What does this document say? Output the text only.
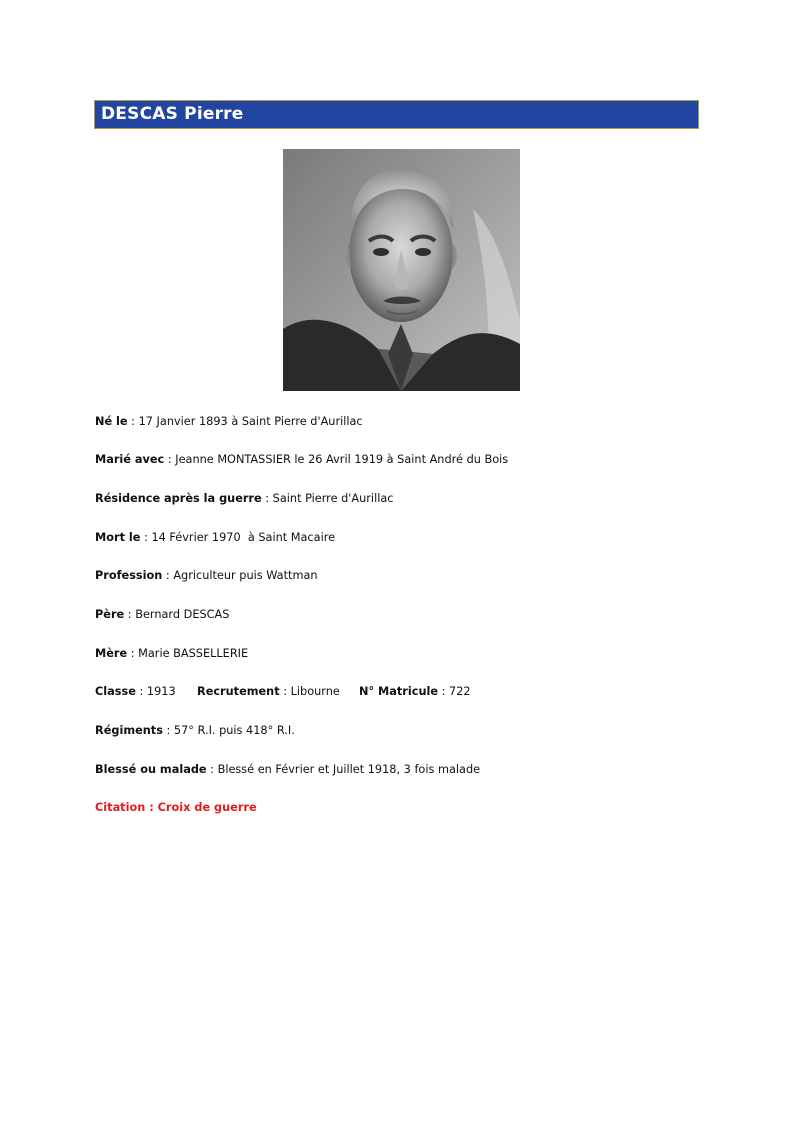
DESCAS Pierre
Né le : 17 Janvier 1893 à Saint Pierre d'Aurillac
Marié avec : Jeanne MONTASSIER le 26 Avril 1919 à Saint André du Bois
Résidence après la guerre : Saint Pierre d'Aurillac
Mort le : 14 Février 1970  à Saint Macaire
Profession : Agriculteur puis Wattman
Père : Bernard DESCAS
Mère : Marie BASSELLERIE
Classe : 1913 Recrutement : Libourne N° Matricule : 722
Régiments : 57° R.I. puis 418° R.I.
Blessé ou malade : Blessé en Février et Juillet 1918, 3 fois malade
Citation : Croix de guerre
